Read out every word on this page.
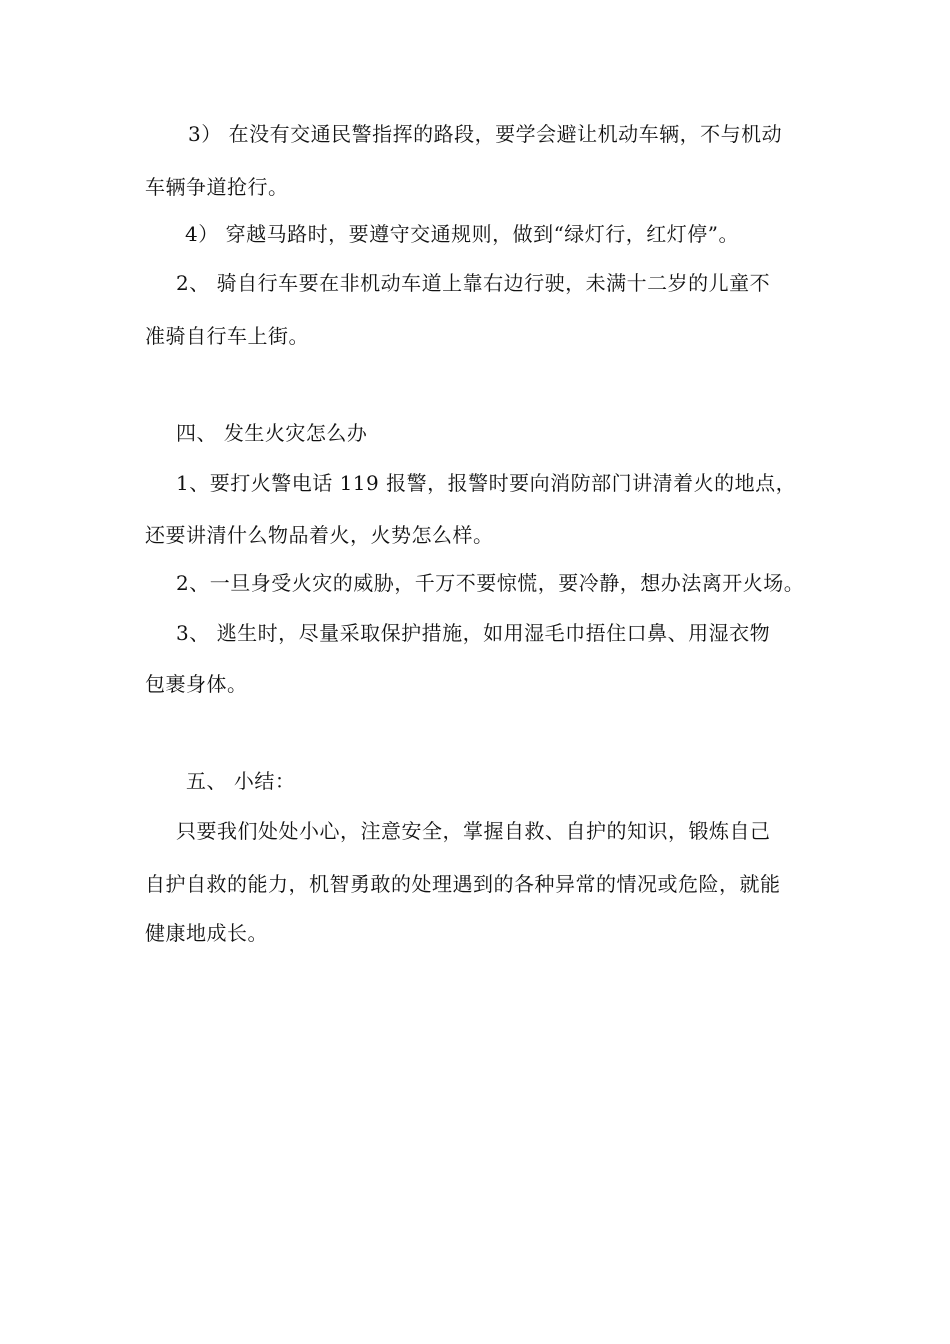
3） 在没有交通民警指挥的路段，要学会避让机动车辆，不与机动
车辆争道抢行。
4） 穿越马路时，要遵守交通规则，做到“绿灯行，红灯停”。
2、 骑自行车要在非机动车道上靠右边行驶，未满十二岁的儿童不
准骑自行车上街。
四、 发生火灾怎么办
1、要打火警电话 119 报警，报警时要向消防部门讲清着火的地点，
还要讲清什么物品着火，火势怎么样。
2、一旦身受火灾的威胁，千万不要惊慌，要冷静，想办法离开火场。
3、 逃生时，尽量采取保护措施，如用湿毛巾捂住口鼻、用湿衣物
包裹身体。
五、 小结：
只要我们处处小心，注意安全，掌握自救、自护的知识，锻炼自己
自护自救的能力，机智勇敢的处理遇到的各种异常的情况或危险，就能
健康地成长。
